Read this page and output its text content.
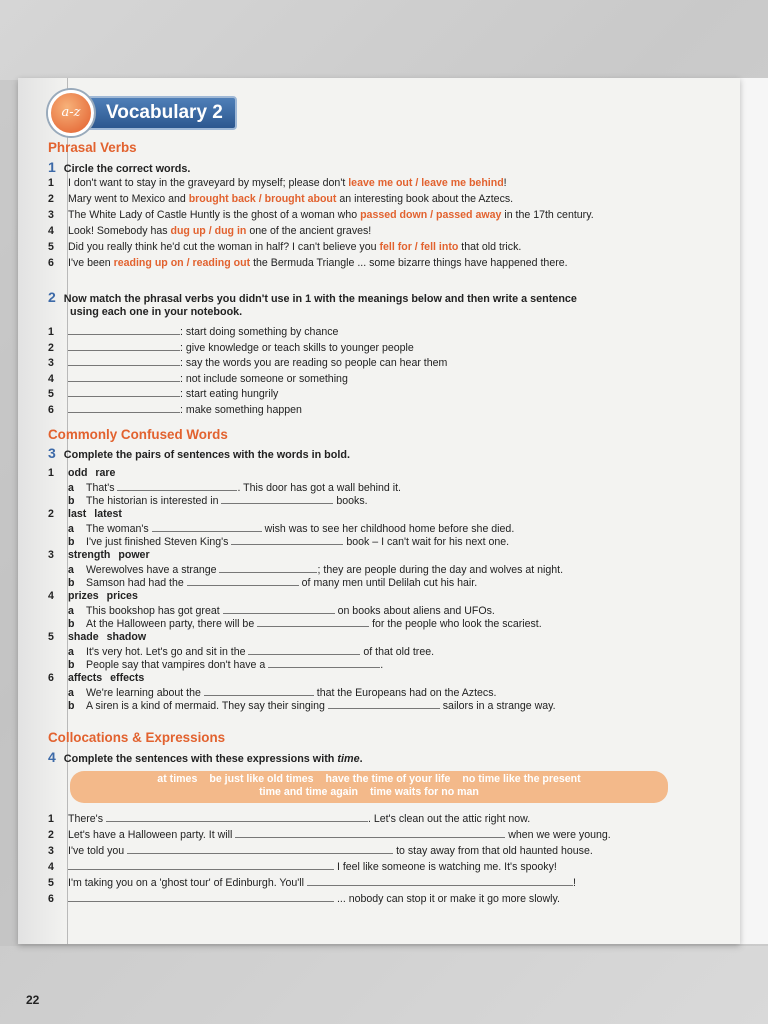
a-z	Vocabulary 2
Phrasal Verbs
1 Circle the correct words.
1 I don't want to stay in the graveyard by myself; please don't leave me out / leave me behind!
2 Mary went to Mexico and brought back / brought about an interesting book about the Aztecs.
3 The White Lady of Castle Huntly is the ghost of a woman who passed down / passed away in the 17th century.
4 Look! Somebody has dug up / dug in one of the ancient graves!
5 Did you really think he'd cut the woman in half? I can't believe you fell for / fell into that old trick.
6 I've been reading up on / reading out the Bermuda Triangle ... some bizarre things have happened there.
2 Now match the phrasal verbs you didn't use in 1 with the meanings below and then write a sentence
using each one in your notebook.
1	: start doing something by chance
2	: give knowledge or teach skills to younger people
3	: say the words you are reading so people can hear them
4	: not include someone or something
5	: start eating hungrily
6	: make something happen
Commonly Confused Words
3 Complete the pairs of sentences with the words in bold.
1 odd rare
a That's	. This door has got a wall behind it.
b The historian is interested in	books.
2 last latest
a The woman's	wish was to see her childhood home before she died.
b I've just finished Steven King's	book – I can't wait for his next one.
3 strength power
a Werewolves have a strange	; they are people during the day and wolves at night.
b Samson had had the	of many men until Delilah cut his hair.
4 prizes prices
a This bookshop has got great	on books about aliens and UFOs.
b At the Halloween party, there will be	for the people who look the scariest.
5 shade shadow
a It's very hot. Let's go and sit in the	of that old tree.
b People say that vampires don't have a	.
6 affects effects
a We're learning about the	that the Europeans had on the Aztecs.
b A siren is a kind of mermaid. They say their singing	sailors in a strange way.
Collocations & Expressions
4 Complete the sentences with these expressions with time.
at times be just like old times have the time of your life no time like the present
time and time again time waits for no man
1 There's	. Let's clean out the attic right now.
2 Let's have a Halloween party. It will	when we were young.
3 I've told you	to stay away from that old haunted house.
4	I feel like someone is watching me. It's spooky!
5 I'm taking you on a 'ghost tour' of Edinburgh. You'll	!
6	... nobody can stop it or make it go more slowly.
22
